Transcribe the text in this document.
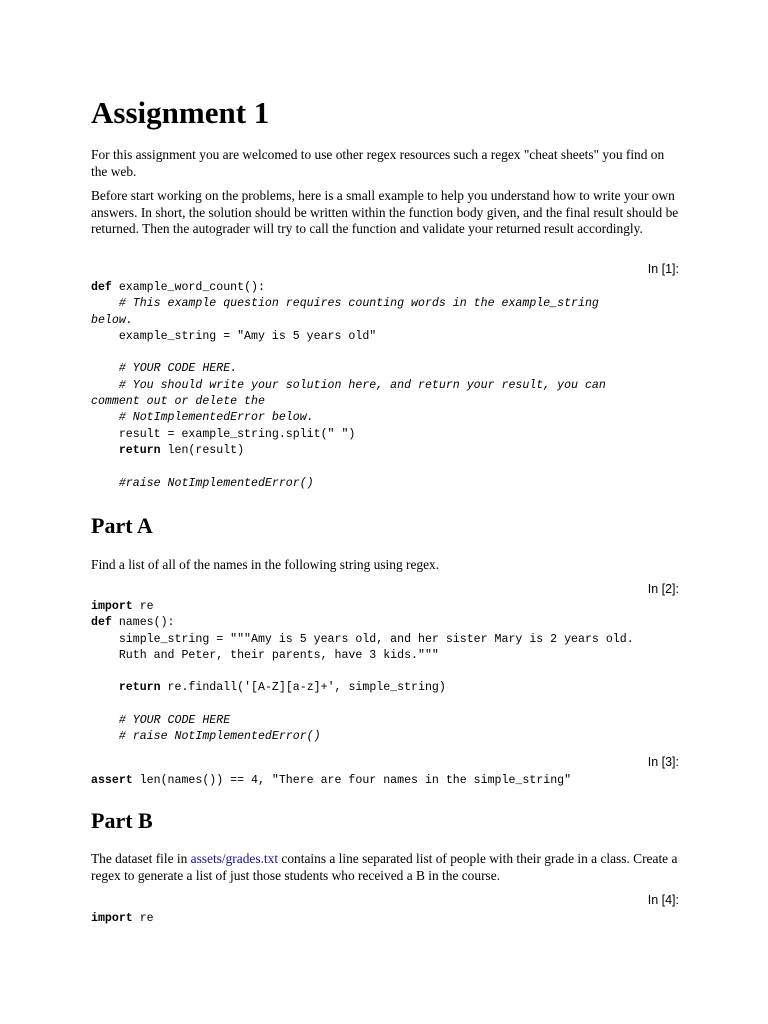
Assignment 1

For this assignment you are welcomed to use other regex resources such a regex "cheat sheets" you find on the web.

Before start working on the problems, here is a small example to help you understand how to write your own answers. In short, the solution should be written within the function body given, and the final result should be returned. Then the autograder will try to call the function and validate your returned result accordingly.

In [1]:
def example_word_count():
# This example question requires counting words in the example_string
below.
example_string = "Amy is 5 years old"
# YOUR CODE HERE.
# You should write your solution here, and return your result, you can
comment out or delete the
# NotImplementedError below.
result = example_string.split(" ")
return len(result)
#raise NotImplementedError()
Part A

Find a list of all of the names in the following string using regex.

In [2]:
import re
def names():
simple_string = """Amy is 5 years old, and her sister Mary is 2 years old.
Ruth and Peter, their parents, have 3 kids."""
return re.findall('[A-Z][a-z]+', simple_string)
# YOUR CODE HERE
# raise NotImplementedError()
In [3]:
assert len(names()) == 4, "There are four names in the simple_string"
Part B

The dataset file in assets/grades.txt contains a line separated list of people with their grade in a class. Create a regex to generate a list of just those students who received a B in the course.

In [4]:
import re
